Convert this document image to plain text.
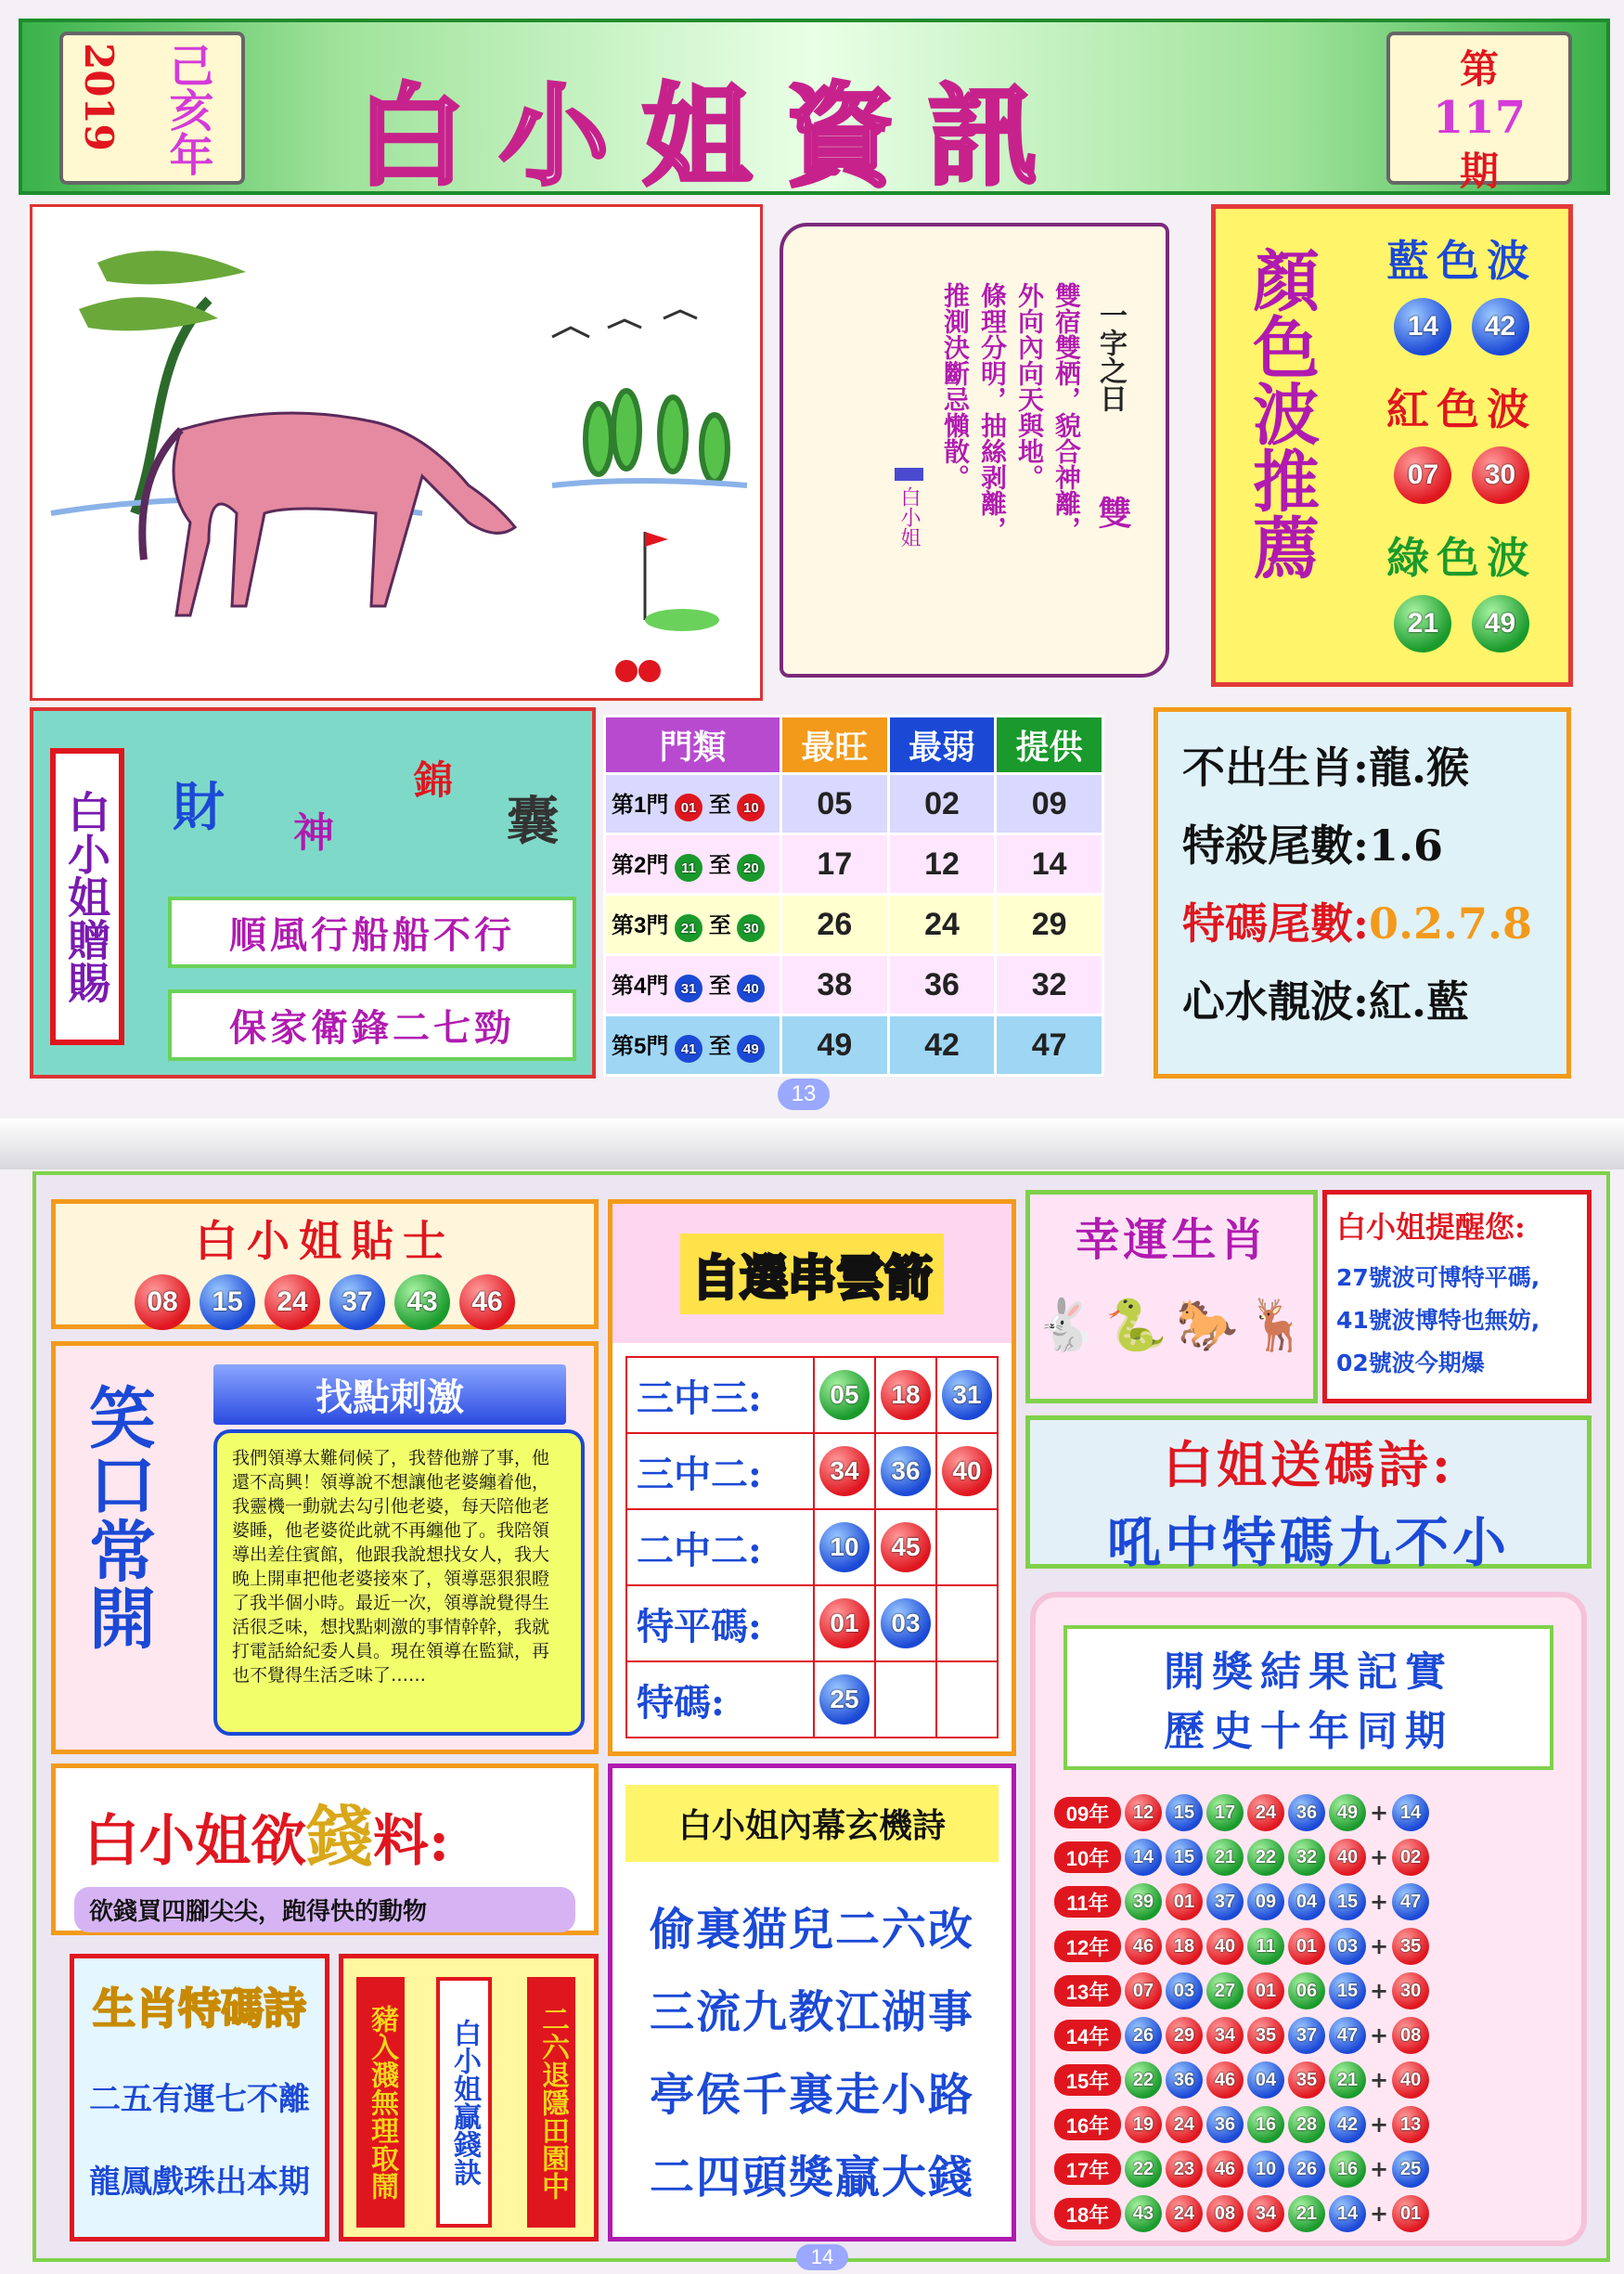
2019 己亥年 白小姐資訊
第
117
期
雙
一字之日
雙宿雙栖，貌合神離，
外向內向天與地。
條理分明，抽絲剥離，
推測決斷忌懶散。
白小姐	顏色波推薦	藍色波
14 42
紅色波
07 30
綠色波
21 49
白小姐贈賜 財 神
錦
囊
順風行船船不行
保家衛鋒二七勁
門類	最旺	最弱	提供
第1門 01 至 10	05	02	09
第2門 11 至 20	17	12	14
第3門 21 至 30	26	24	29
第4門 31 至 40	38	36	32
第5門 41 至 49	49	42	47
不出生肖:龍.猴
特殺尾數:1.6
特碼尾數:0.2.7.8
心水靚波:紅.藍
13
白小姐貼士
08	15	24	37	43	46
笑口常開	找點刺激
我們領導太難伺候了，我替他辦了事，他還不高興！領導說不想讓他老婆纏着他，我靈機一動就去勾引他老婆，每天陪他老婆睡，他老婆從此就不再纏他了。我陪領導出差住賓館，他跟我說想找女人，我大晚上開車把他老婆接來了，領導惡狠狠瞪了我半個小時。最近一次，領導說覺得生活很乏味，想找點刺激的事情幹幹，我就打電話給紀委人員。現在領導在監獄，再也不覺得生活乏味了……
自選串雲箭
三中三:	05	18	31
三中二:	34	36	40
二中二:	10	45
特平碼:	01	03
特碼:	25
幸運生肖
🐇 🐍 🐎 🦌
白小姐提醒您:
27號波可博特平碼,
41號波博特也無妨,
02號波今期爆
白姐送碼詩:
吼中特碼九不小
開獎結果記實
歷史十年同期
09年	12	15	17	24	36	49 + 14
10年	14	15	21	22	32	40 + 02
11年	39	01	37	09	04	15 + 47
12年	46	18	40	11	01	03 + 35
13年	07	03	27	01	06	15 + 30
14年	26	29	34	35	37	47 + 08
15年	22	36	46	04	35	21 + 40
16年	19	24	36	16	28	42 + 13
17年	22	23	46	10	26	16 + 25
18年	43	24	08	34	21	14 + 01
白小姐欲錢料:
欲錢買四腳尖尖，跑得快的動物
生肖特碼詩
二五有運七不離
龍鳳戲珠出本期	豬入濺無理取鬧	白小姐贏錢訣	二六退隱田園中
白小姐內幕玄機詩
偷裏猫兒二六改
三流九教江湖事
亭侯千裏走小路
二四頭獎贏大錢
14
